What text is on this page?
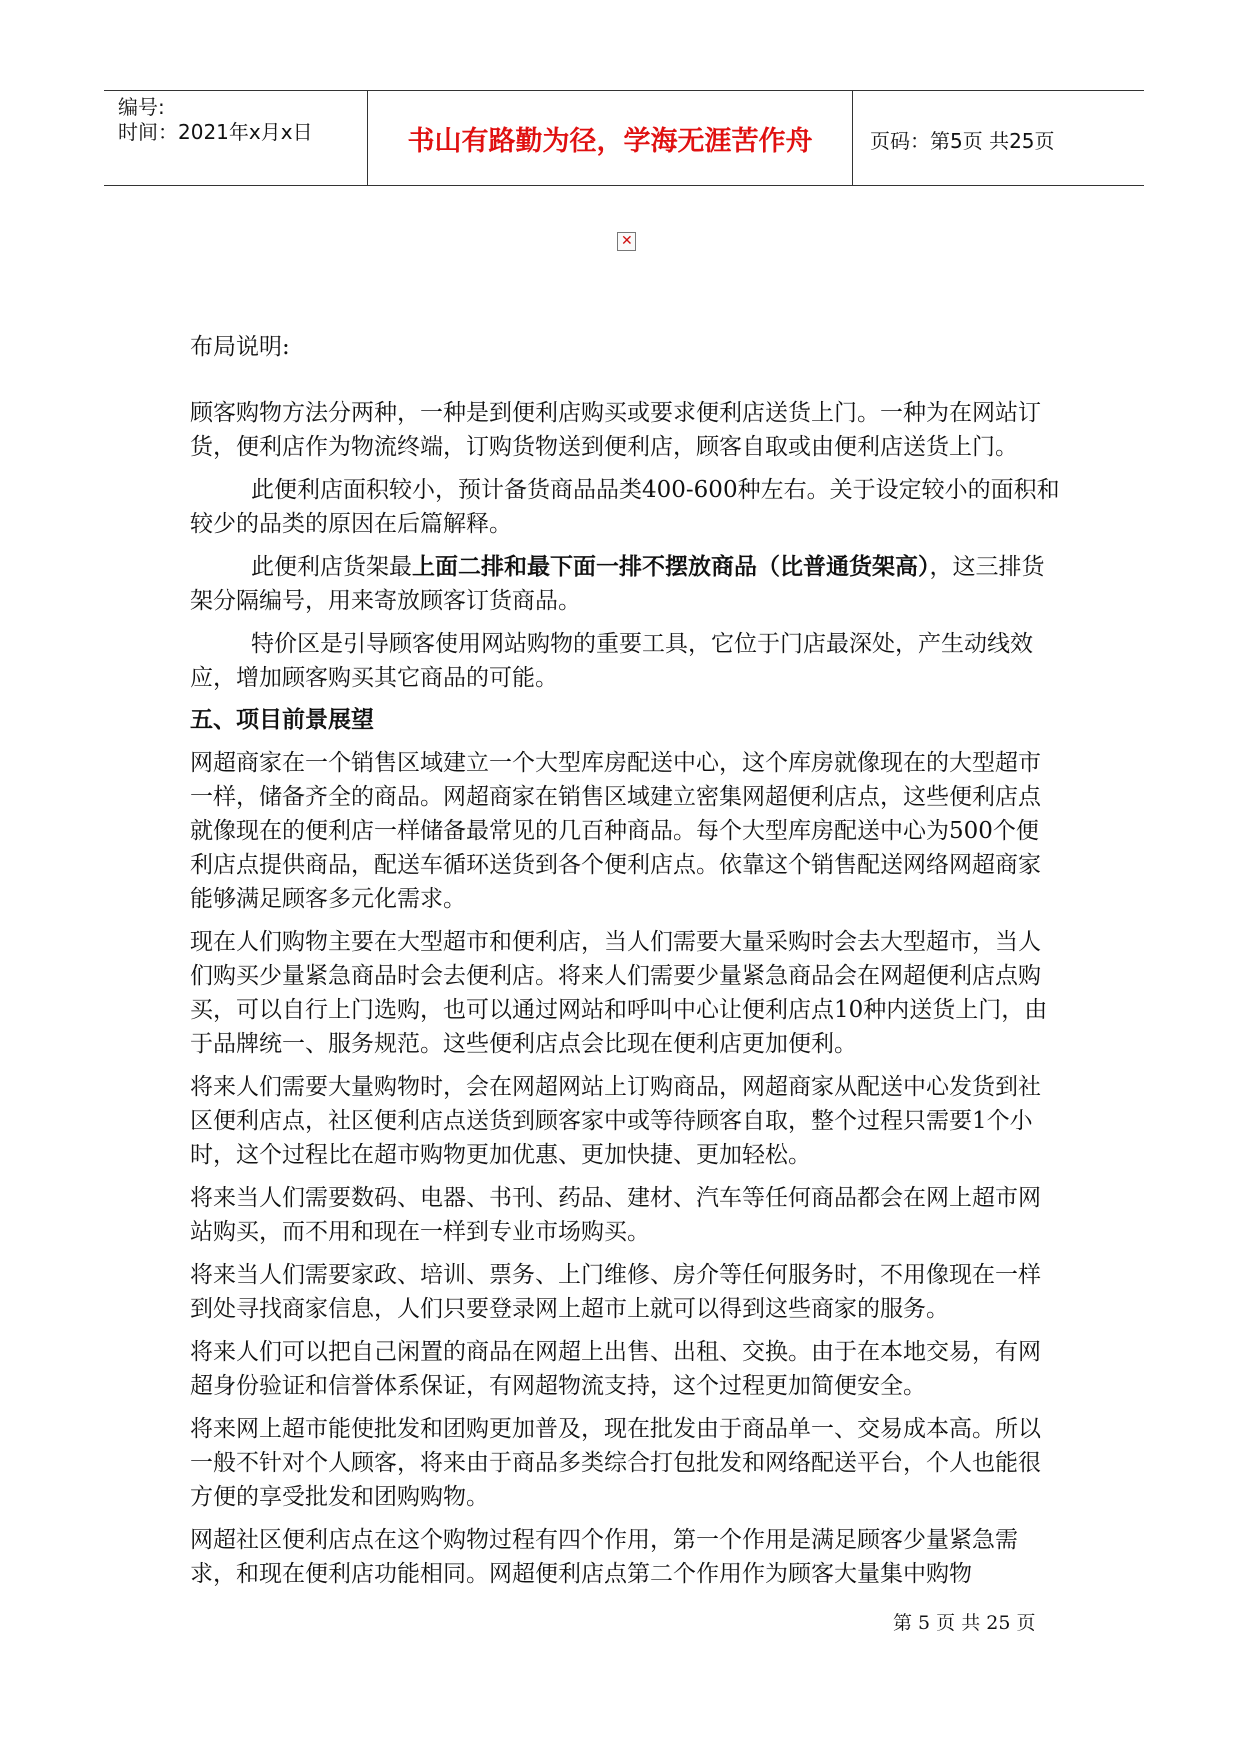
编号:
时间：2021年x月x日	书山有路勤为径，学海无涯苦作舟	页码：第5页 共25页
✕

布局说明:

顾客购物方法分两种，一种是到便利店购买或要求便利店送货上门。一种为在网站订货，便利店作为物流终端，订购货物送到便利店，顾客自取或由便利店送货上门。

此便利店面积较小，预计备货商品品类400-600种左右。关于设定较小的面积和较少的品类的原因在后篇解释。

此便利店货架最上面二排和最下面一排不摆放商品（比普通货架高），这三排货架分隔编号，用来寄放顾客订货商品。

特价区是引导顾客使用网站购物的重要工具，它位于门店最深处，产生动线效应，增加顾客购买其它商品的可能。

五、项目前景展望

网超商家在一个销售区域建立一个大型库房配送中心，这个库房就像现在的大型超市一样，储备齐全的商品。网超商家在销售区域建立密集网超便利店点，这些便利店点就像现在的便利店一样储备最常见的几百种商品。每个大型库房配送中心为500个便利店点提供商品，配送车循环送货到各个便利店点。依靠这个销售配送网络网超商家能够满足顾客多元化需求。

现在人们购物主要在大型超市和便利店，当人们需要大量采购时会去大型超市，当人们购买少量紧急商品时会去便利店。将来人们需要少量紧急商品会在网超便利店点购买，可以自行上门选购，也可以通过网站和呼叫中心让便利店点10种内送货上门，由于品牌统一、服务规范。这些便利店点会比现在便利店更加便利。

将来人们需要大量购物时，会在网超网站上订购商品，网超商家从配送中心发货到社区便利店点，社区便利店点送货到顾客家中或等待顾客自取，整个过程只需要1个小时，这个过程比在超市购物更加优惠、更加快捷、更加轻松。

将来当人们需要数码、电器、书刊、药品、建材、汽车等任何商品都会在网上超市网站购买，而不用和现在一样到专业市场购买。

将来当人们需要家政、培训、票务、上门维修、房介等任何服务时，不用像现在一样到处寻找商家信息，人们只要登录网上超市上就可以得到这些商家的服务。

将来人们可以把自己闲置的商品在网超上出售、出租、交换。由于在本地交易，有网超身份验证和信誉体系保证，有网超物流支持，这个过程更加简便安全。

将来网上超市能使批发和团购更加普及，现在批发由于商品单一、交易成本高。所以一般不针对个人顾客，将来由于商品多类综合打包批发和网络配送平台，个人也能很方便的享受批发和团购购物。

网超社区便利店点在这个购物过程有四个作用，第一个作用是满足顾客少量紧急需求，和现在便利店功能相同。网超便利店点第二个作用作为顾客大量集中购物

第 5 页 共 25 页
